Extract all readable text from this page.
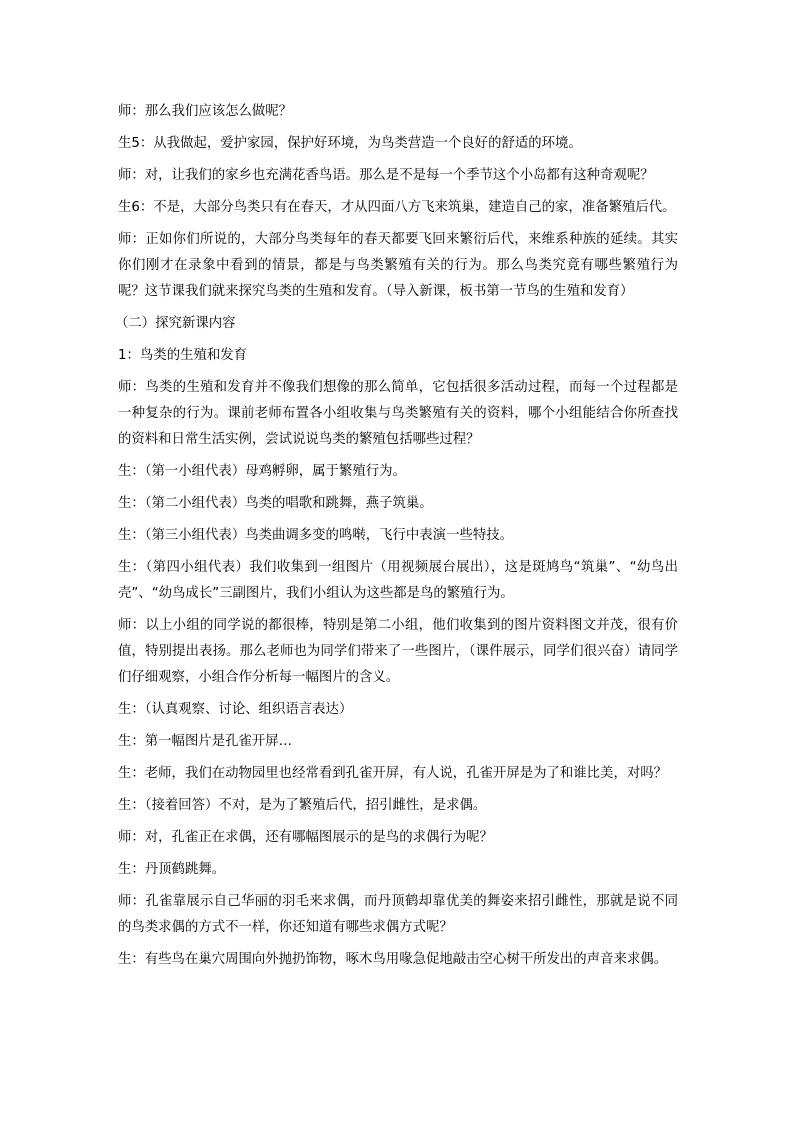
师：那么我们应该怎么做呢？

生5：从我做起，爱护家园，保护好环境，为鸟类营造一个良好的舒适的环境。

师：对，让我们的家乡也充满花香鸟语。那么是不是每一个季节这个小岛都有这种奇观呢？

生6：不是，大部分鸟类只有在春天，才从四面八方飞来筑巢，建造自己的家，准备繁殖后代。

师：正如你们所说的，大部分鸟类每年的春天都要飞回来繁衍后代，来维系种族的延续。其实你们刚才在录象中看到的情景，都是与鸟类繁殖有关的行为。那么鸟类究竟有哪些繁殖行为呢？这节课我们就来探究鸟类的生殖和发育。（导入新课，板书第一节鸟的生殖和发育）

（二）探究新课内容

1：鸟类的生殖和发育

师：鸟类的生殖和发育并不像我们想像的那么简单，它包括很多活动过程，而每一个过程都是一种复杂的行为。课前老师布置各小组收集与鸟类繁殖有关的资料，哪个小组能结合你所查找的资料和日常生活实例，尝试说说鸟类的繁殖包括哪些过程？

生：（第一小组代表）母鸡孵卵，属于繁殖行为。

生：（第二小组代表）鸟类的唱歌和跳舞，燕子筑巢。

生：（第三小组代表）鸟类曲调多变的鸣啭，飞行中表演一些特技。

生：（第四小组代表）我们收集到一组图片（用视频展台展出），这是斑鸠鸟“筑巢”、“幼鸟出壳”、“幼鸟成长”三副图片，我们小组认为这些都是鸟的繁殖行为。

师：以上小组的同学说的都很棒，特别是第二小组，他们收集到的图片资料图文并茂，很有价值，特别提出表扬。那么老师也为同学们带来了一些图片，（课件展示，同学们很兴奋）请同学们仔细观察，小组合作分析每一幅图片的含义。

生：（认真观察、讨论、组织语言表达）

生：第一幅图片是孔雀开屏…

生：老师，我们在动物园里也经常看到孔雀开屏，有人说，孔雀开屏是为了和谁比美，对吗？

生：（接着回答）不对，是为了繁殖后代，招引雌性，是求偶。

师：对，孔雀正在求偶，还有哪幅图展示的是鸟的求偶行为呢？

生：丹顶鹤跳舞。

师：孔雀靠展示自己华丽的羽毛来求偶，而丹顶鹤却靠优美的舞姿来招引雌性，那就是说不同的鸟类求偶的方式不一样，你还知道有哪些求偶方式呢？

生：有些鸟在巢穴周围向外抛扔饰物，啄木鸟用喙急促地敲击空心树干所发出的声音来求偶。
